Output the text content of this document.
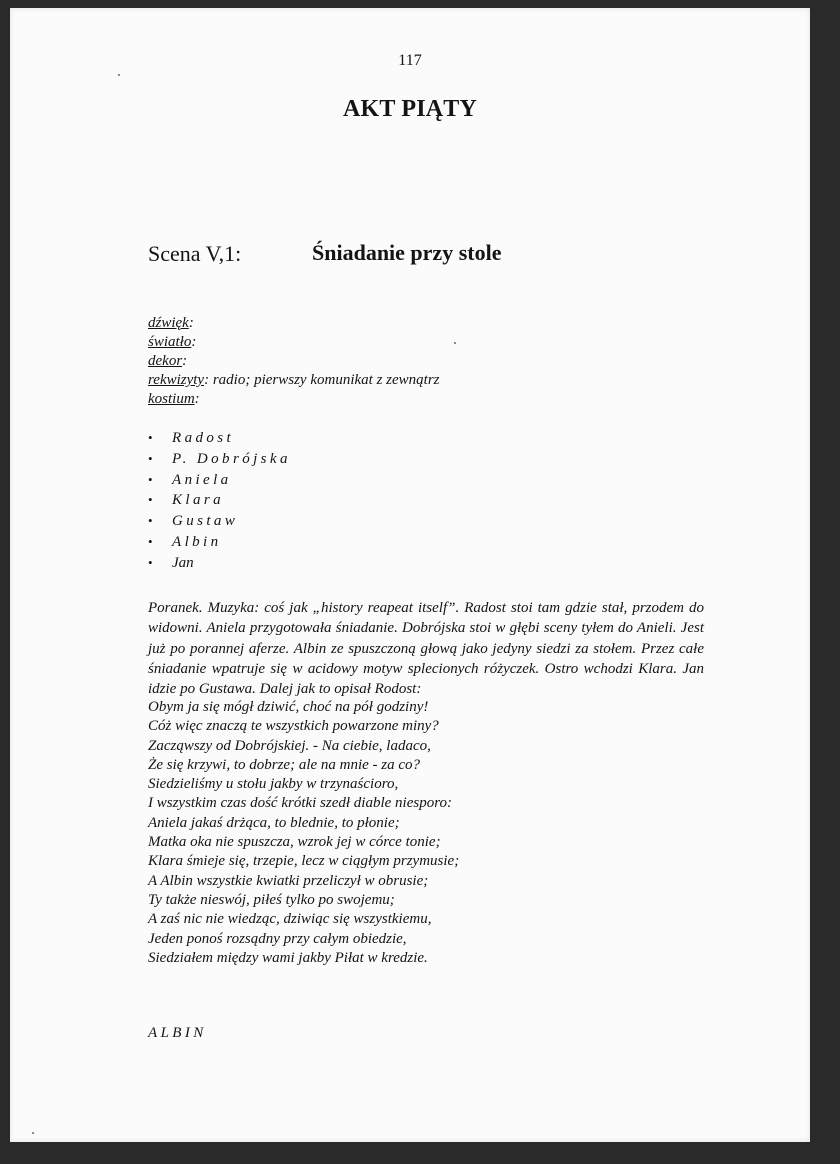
117
AKT PIĄTY
Scena V,1:	Śniadanie przy stole
dźwięk:
światło:
dekor:
rekwizyty: radio; pierwszy komunikat z zewnątrz
kostium:
• Radost
• P. Dobrójska
• Aniela
• Klara
• Gustaw
• Albin
• Jan

Poranek. Muzyka: coś jak „history reapeat itself”. Radost stoi tam gdzie stał, przodem do widowni. Aniela przygotowała śniadanie. Dobrójska stoi w głębi sceny tyłem do Anieli. Jest już po porannej aferze. Albin ze spuszczoną głową jako jedyny siedzi za stołem. Przez całe śniadanie wpatruje się w acidowy motyw splecionych różyczek. Ostro wchodzi Klara. Jan idzie po Gustawa. Dalej jak to opisał Rodost:

Obym ja się mógł dziwić, choć na pół godziny!
Cóż więc znaczą te wszystkich powarzone miny?
Zacząwszy od Dobrójskiej. - Na ciebie, ladaco,
Że się krzywi, to dobrze; ale na mnie - za co?
Siedzieliśmy u stołu jakby w trzynaścioro,
I wszystkim czas dość krótki szedł diable niesporo:
Aniela jakaś drżąca, to blednie, to płonie;
Matka oka nie spuszcza, wzrok jej w córce tonie;
Klara śmieje się, trzepie, lecz w ciągłym przymusie;
A Albin wszystkie kwiatki przeliczył w obrusie;
Ty także nieswój, piłeś tylko po swojemu;
A zaś nic nie wiedząc, dziwiąc się wszystkiemu,
Jeden ponoś rozsądny przy całym obiedzie,
Siedziałem między wami jakby Piłat w kredzie.
ALBIN
